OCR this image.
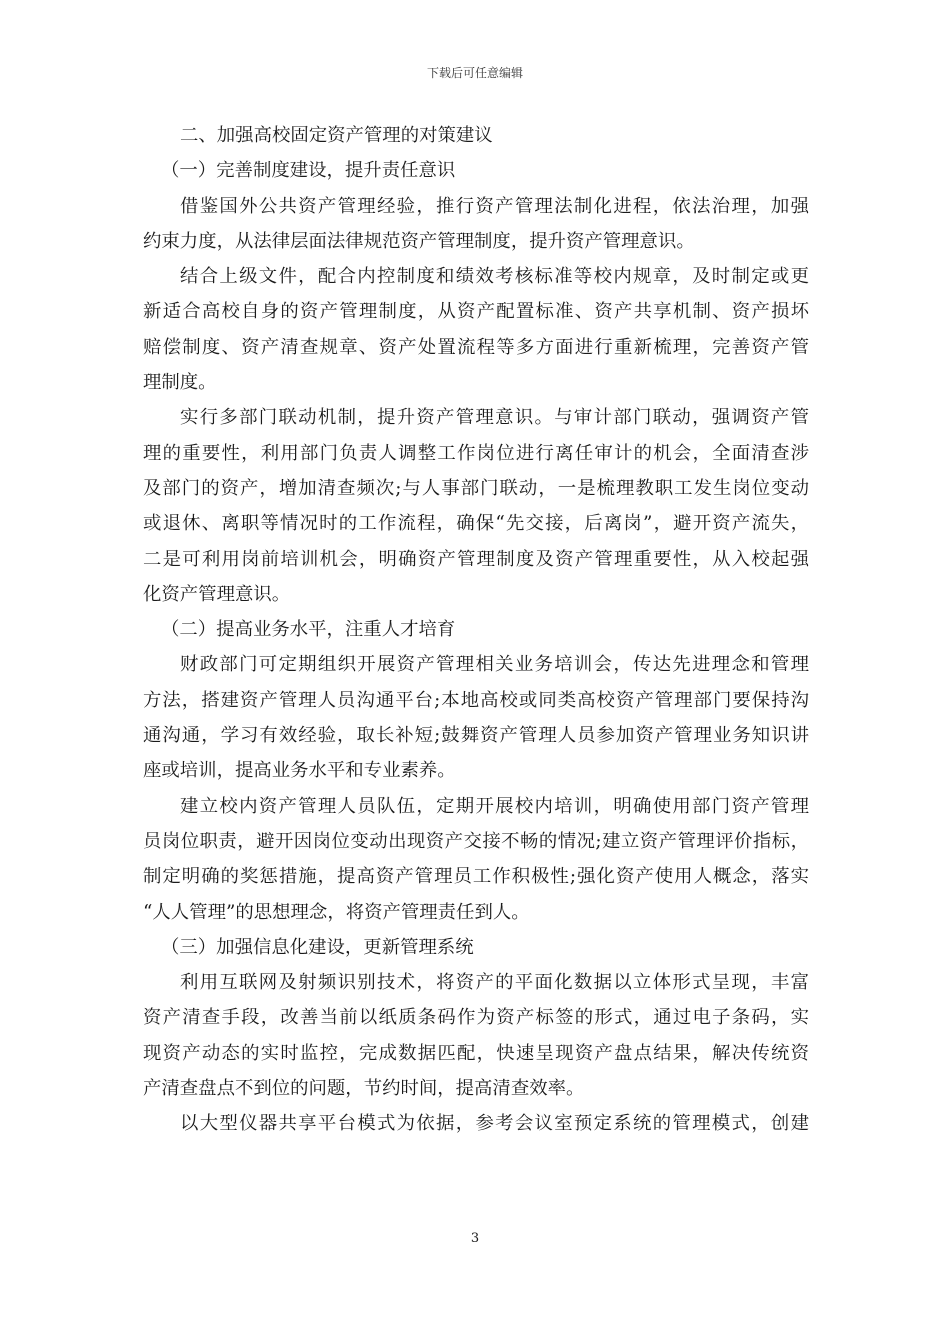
下载后可任意编辑
二、加强高校固定资产管理的对策建议
（一）完善制度建设，提升责任意识
借鉴国外公共资产管理经验，推行资产管理法制化进程，依法治理，加强
约束力度，从法律层面法律规范资产管理制度，提升资产管理意识。
结合上级文件，配合内控制度和绩效考核标准等校内规章，及时制定或更
新适合高校自身的资产管理制度，从资产配置标准、资产共享机制、资产损坏
赔偿制度、资产清查规章、资产处置流程等多方面进行重新梳理，完善资产管
理制度。
实行多部门联动机制，提升资产管理意识。与审计部门联动，强调资产管
理的重要性，利用部门负责人调整工作岗位进行离任审计的机会，全面清查涉
及部门的资产，增加清查频次;与人事部门联动，一是梳理教职工发生岗位变动
或退休、离职等情况时的工作流程，确保“先交接，后离岗”，避开资产流失，
二是可利用岗前培训机会，明确资产管理制度及资产管理重要性，从入校起强
化资产管理意识。
（二）提高业务水平，注重人才培育
财政部门可定期组织开展资产管理相关业务培训会，传达先进理念和管理
方法，搭建资产管理人员沟通平台;本地高校或同类高校资产管理部门要保持沟
通沟通，学习有效经验，取长补短;鼓舞资产管理人员参加资产管理业务知识讲
座或培训，提高业务水平和专业素养。
建立校内资产管理人员队伍，定期开展校内培训，明确使用部门资产管理
员岗位职责，避开因岗位变动出现资产交接不畅的情况;建立资产管理评价指标，
制定明确的奖惩措施，提高资产管理员工作积极性;强化资产使用人概念，落实
“人人管理”的思想理念，将资产管理责任到人。
（三）加强信息化建设，更新管理系统
利用互联网及射频识别技术，将资产的平面化数据以立体形式呈现，丰富
资产清查手段，改善当前以纸质条码作为资产标签的形式，通过电子条码，实
现资产动态的实时监控，完成数据匹配，快速呈现资产盘点结果，解决传统资
产清查盘点不到位的问题，节约时间，提高清查效率。
以大型仪器共享平台模式为依据，参考会议室预定系统的管理模式，创建
3
